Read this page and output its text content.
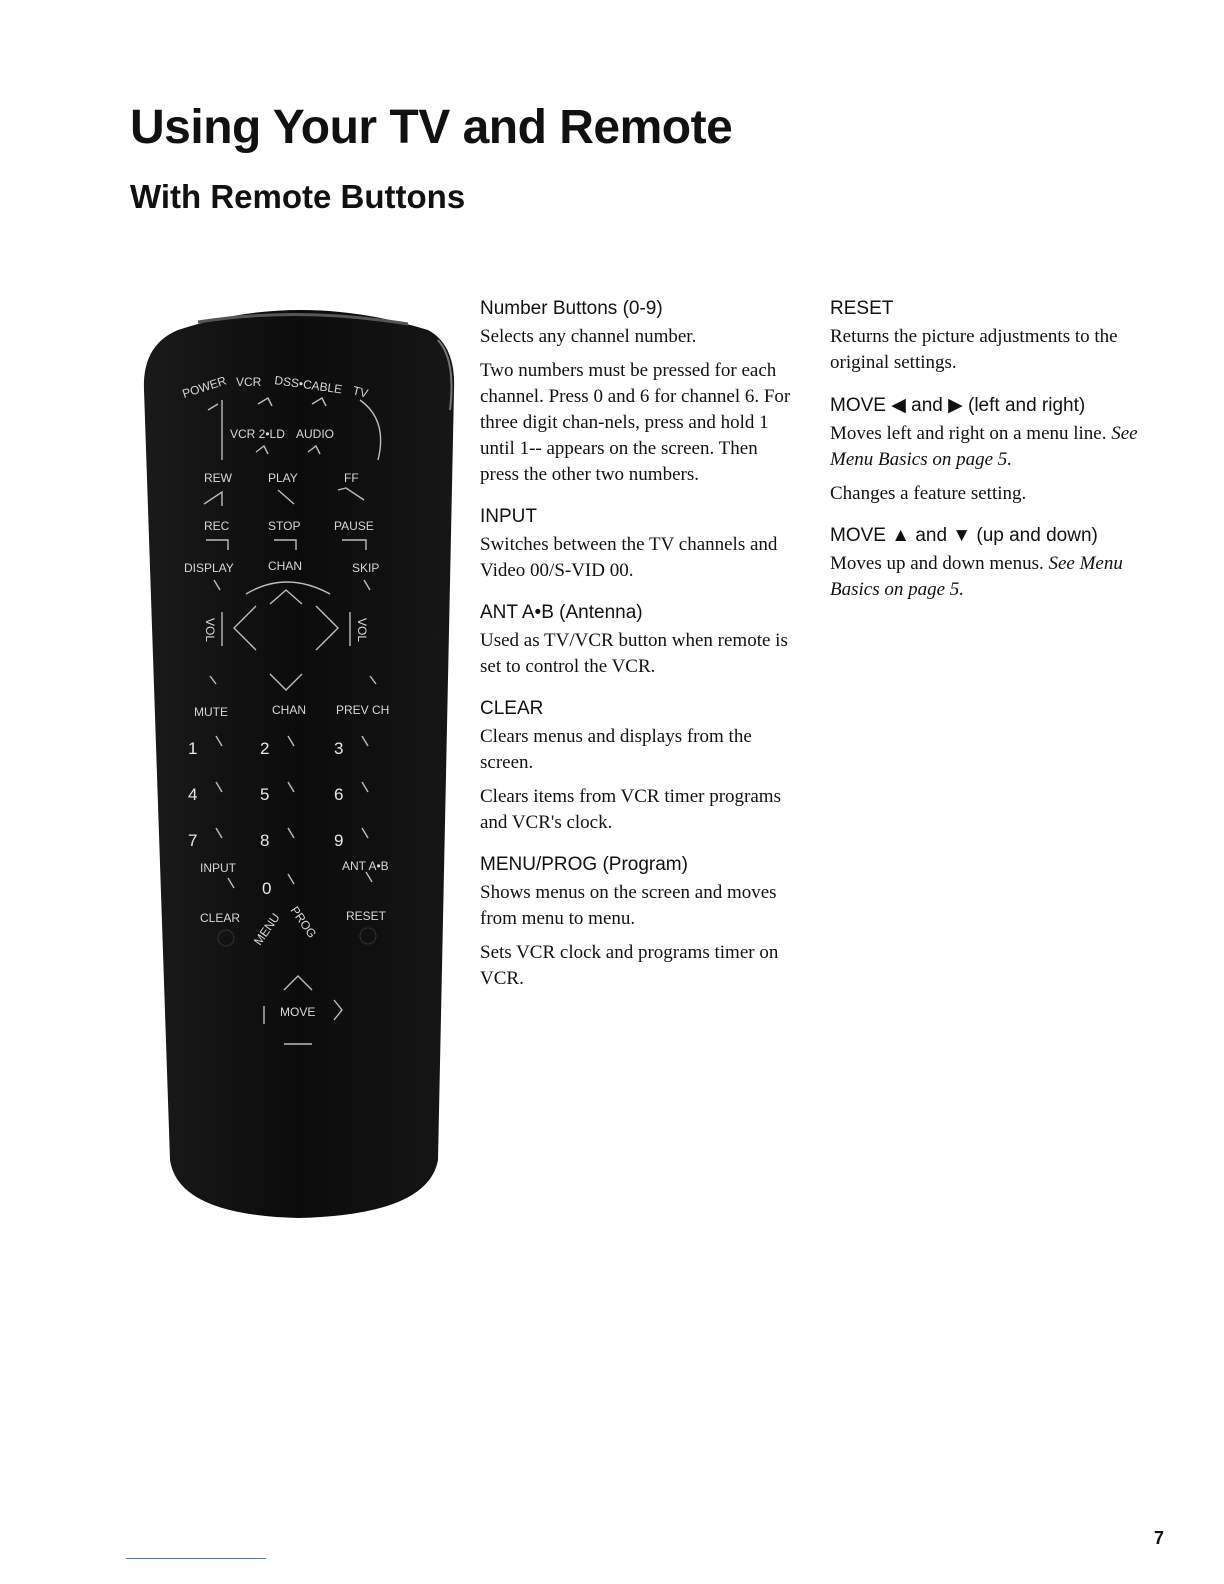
Using Your TV and Remote
With Remote Buttons
POWER VCR DSS•CABLE TV
VCR 2•LD AUDIO
REW	PLAY	FF
REC	STOP	PAUSE
DISPLAY	CHAN	SKIP
VOL	VOL
MUTE	CHAN PREV CH
1	2	3
4	5	6
7	8	9
INPUT	ANT A•B
0
CLEAR	RESET
MENU PROG
MOVE
Number Buttons (0-9)

Selects any channel number.

Two numbers must be pressed for each channel. Press 0 and 6 for channel 6. For three digit chan-nels, press and hold 1 until 1-- appears on the screen. Then press the other two numbers.

INPUT

Switches between the TV channels and Video 00/S-VID 00.

ANT A•B (Antenna)

Used as TV/VCR button when remote is set to control the VCR.

CLEAR

Clears menus and displays from the screen.

Clears items from VCR timer programs and VCR's clock.

MENU/PROG (Program)

Shows menus on the screen and moves from menu to menu.

Sets VCR clock and programs timer on VCR.

RESET

Returns the picture adjustments to the original settings.

MOVE ◀ and ▶ (left and right)

Moves left and right on a menu line. See Menu Basics on page 5.

Changes a feature setting.

MOVE ▲ and ▼ (up and down)

Moves up and down menus. See Menu Basics on page 5.

7
